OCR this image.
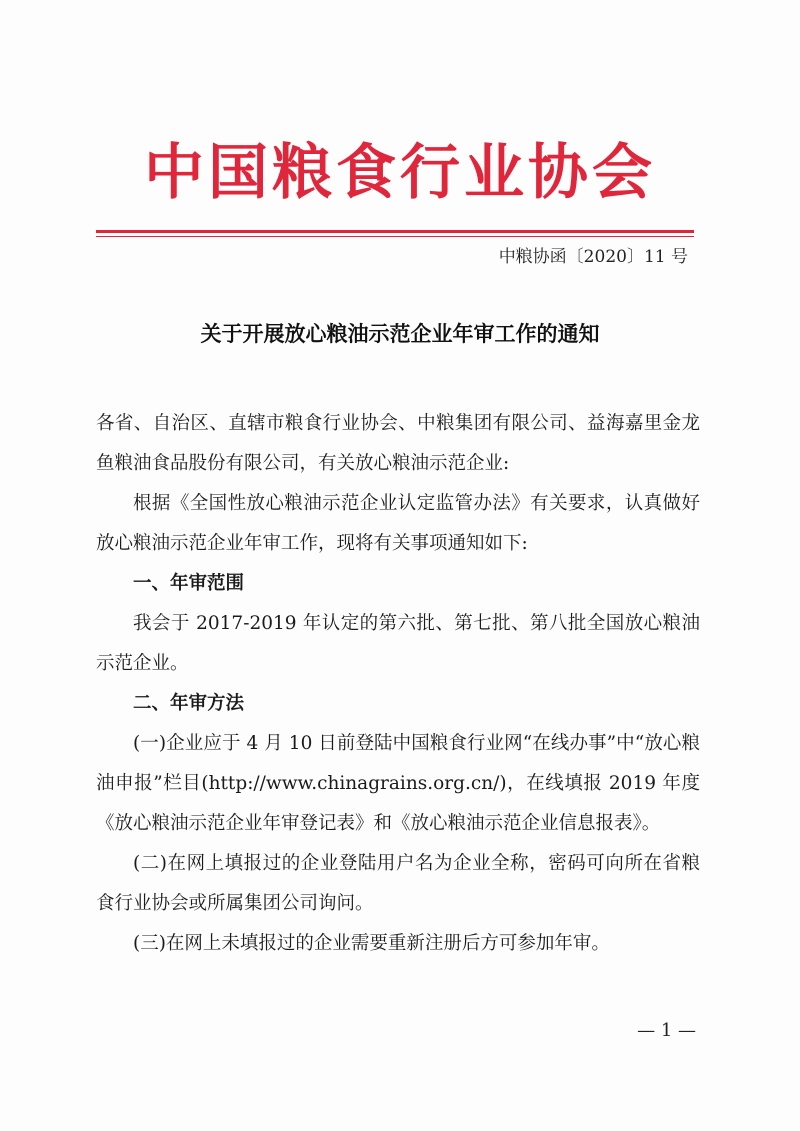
中国粮食行业协会
中粮协函〔2020〕11 号
关于开展放心粮油示范企业年审工作的通知

各省、自治区、直辖市粮食行业协会、中粮集团有限公司、益海嘉里金龙鱼粮油食品股份有限公司，有关放心粮油示范企业:

根据《全国性放心粮油示范企业认定监管办法》有关要求，认真做好放心粮油示范企业年审工作，现将有关事项通知如下:

一、年审范围

我会于 2017-2019 年认定的第六批、第七批、第八批全国放心粮油示范企业。

二、年审方法

(一)企业应于 4 月 10 日前登陆中国粮食行业网“在线办事”中“放心粮油申报”栏目(http://www.chinagrains.org.cn/)，在线填报 2019 年度《放心粮油示范企业年审登记表》和《放心粮油示范企业信息报表》。

(二)在网上填报过的企业登陆用户名为企业全称，密码可向所在省粮食行业协会或所属集团公司询问。

(三)在网上未填报过的企业需要重新注册后方可参加年审。

— 1 —
